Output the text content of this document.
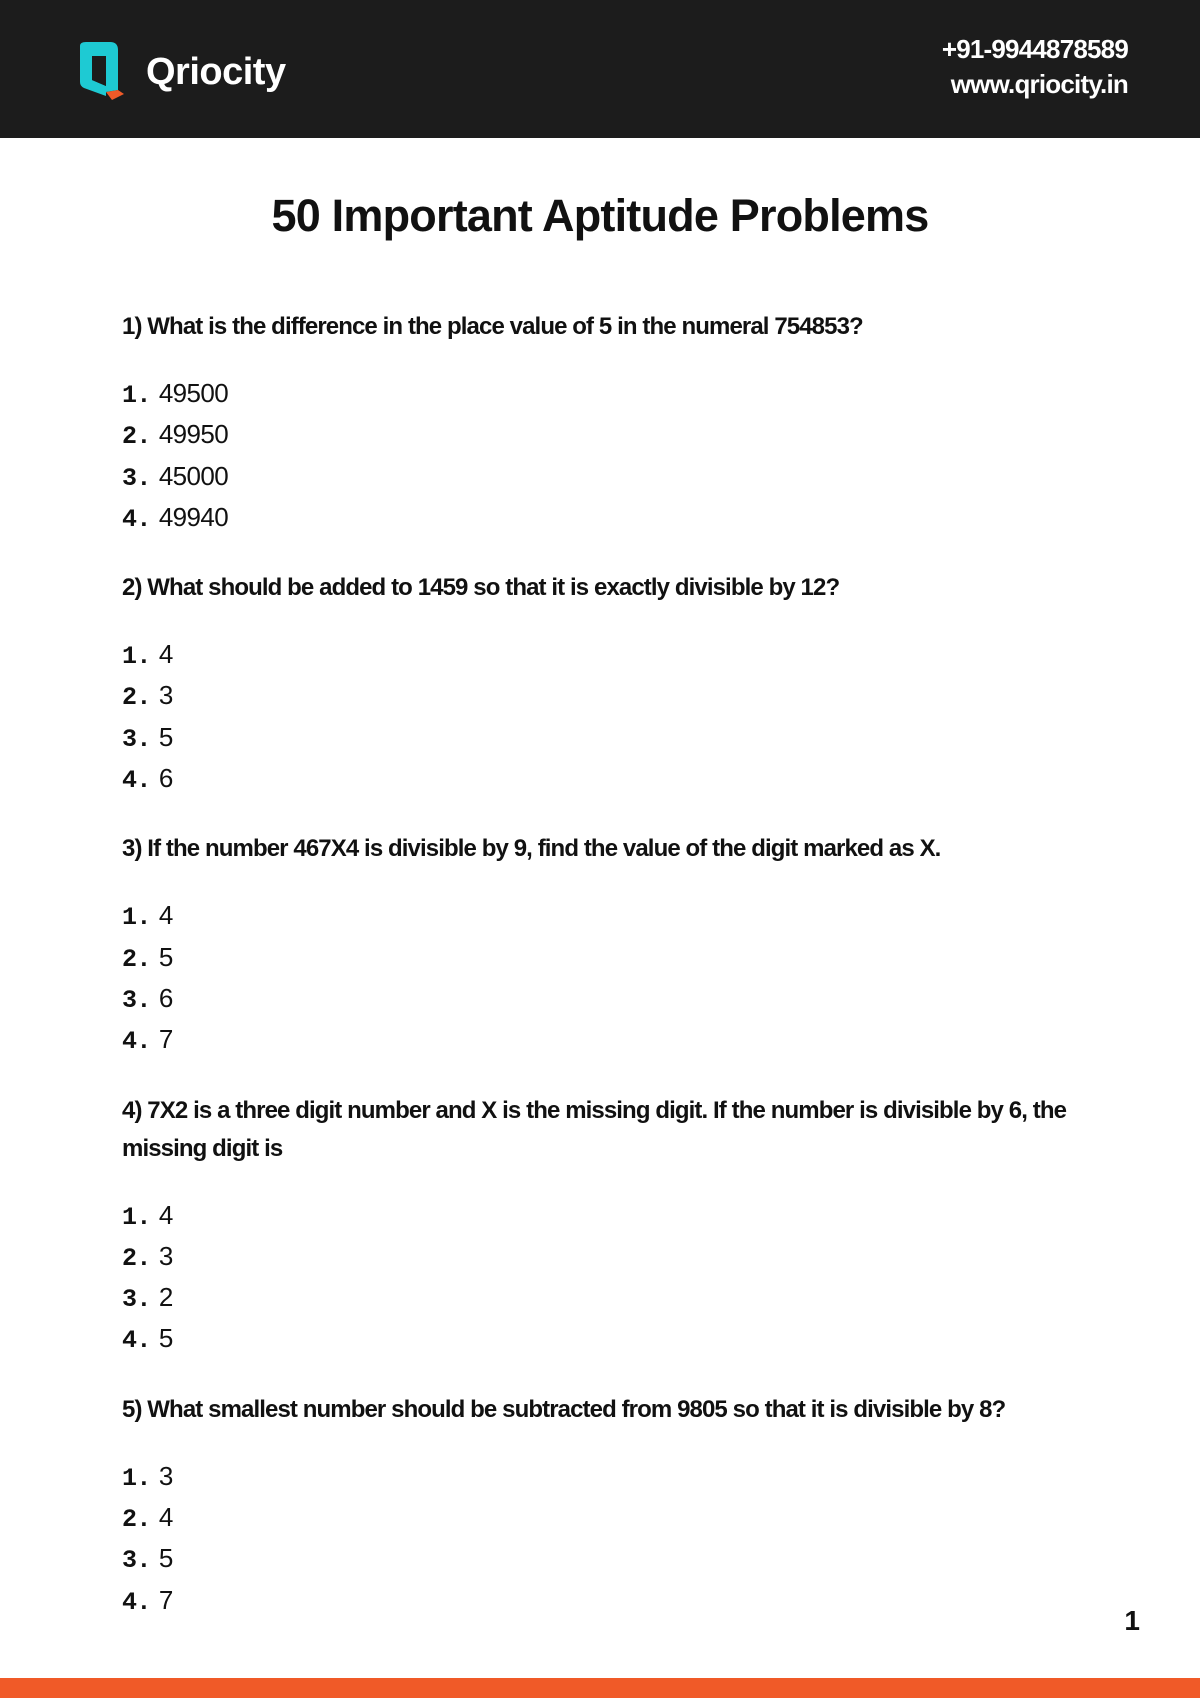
Qriocity
+91-9944878589
www.qriocity.in
50 Important Aptitude Problems
1) What is the difference in the place value of 5 in the numeral 754853?
1. 49500
2. 49950
3. 45000
4. 49940
2) What should be added to 1459 so that it is exactly divisible by 12?
1. 4
2. 3
3. 5
4. 6
3) If the number 467X4 is divisible by 9, find the value of the digit marked as X.
1. 4
2. 5
3. 6
4. 7
4) 7X2 is a three digit number and X is the missing digit. If the number is divisible by 6, the missing digit is
1. 4
2. 3
3. 2
4. 5
5) What smallest number should be subtracted from 9805 so that it is divisible by 8?
1. 3
2. 4
3. 5
4. 7
1
